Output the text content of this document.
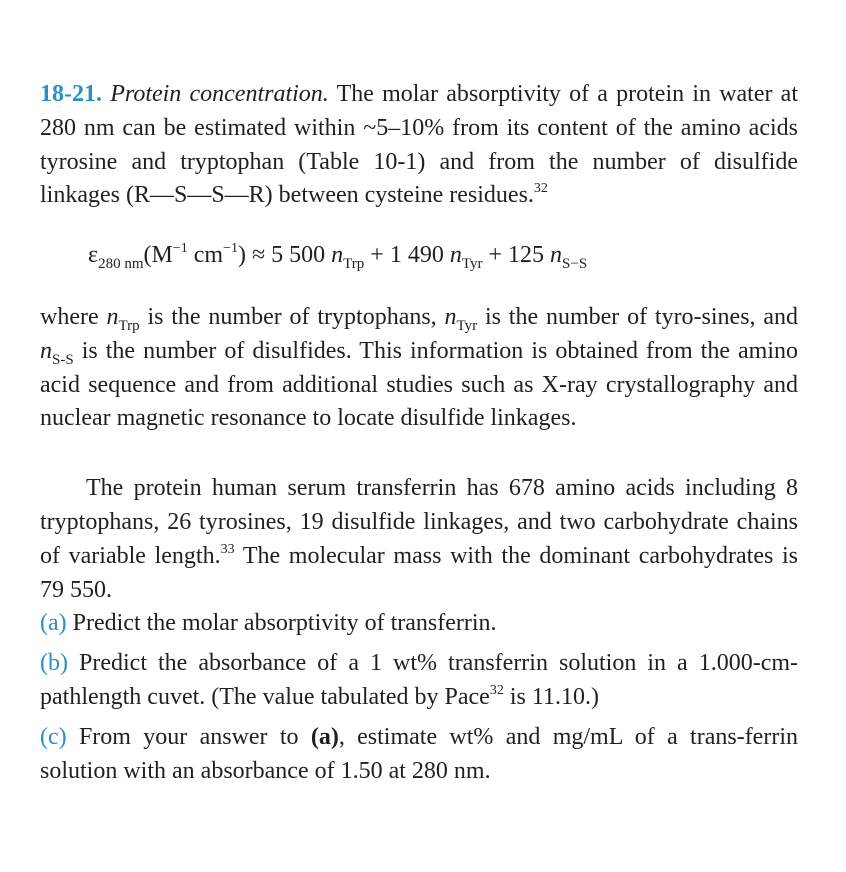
18-21. Protein concentration. The molar absorptivity of a protein in water at 280 nm can be estimated within ~5–10% from its content of the amino acids tyrosine and tryptophan (Table 10-1) and from the number of disulfide linkages (R—S—S—R) between cysteine residues.$^{32}$

$\varepsilon_{280 nm}(M^{-1}$ $cm^{-1}) \approx 5$ 500 $n_{Trp} + 1$ 490 $n_{Tyr} + 125$ $n_{S-S}$

where $n_{Trp}$ is the number of tryptophans, $n_{Tyr}$ is the number of tyro-sines, and $n_{S-S}$ is the number of disulfides. This information is obtained from the amino acid sequence and from additional studies such as X-ray crystallography and nuclear magnetic resonance to locate disulfide linkages.

The protein human serum transferrin has 678 amino acids including 8 tryptophans, 26 tyrosines, 19 disulfide linkages, and two carbohydrate chains of variable length.$^{33}$ The molecular mass with the dominant carbohydrates is 79 550.

(a) Predict the molar absorptivity of transferrin.

(b) Predict the absorbance of a 1 wt% transferrin solution in a 1.000-cm-pathlength cuvet. (The value tabulated by Pace$^{32}$ is 11.10.)

(c) From your answer to (a), estimate wt% and mg/mL of a trans-ferrin solution with an absorbance of 1.50 at 280 nm.
